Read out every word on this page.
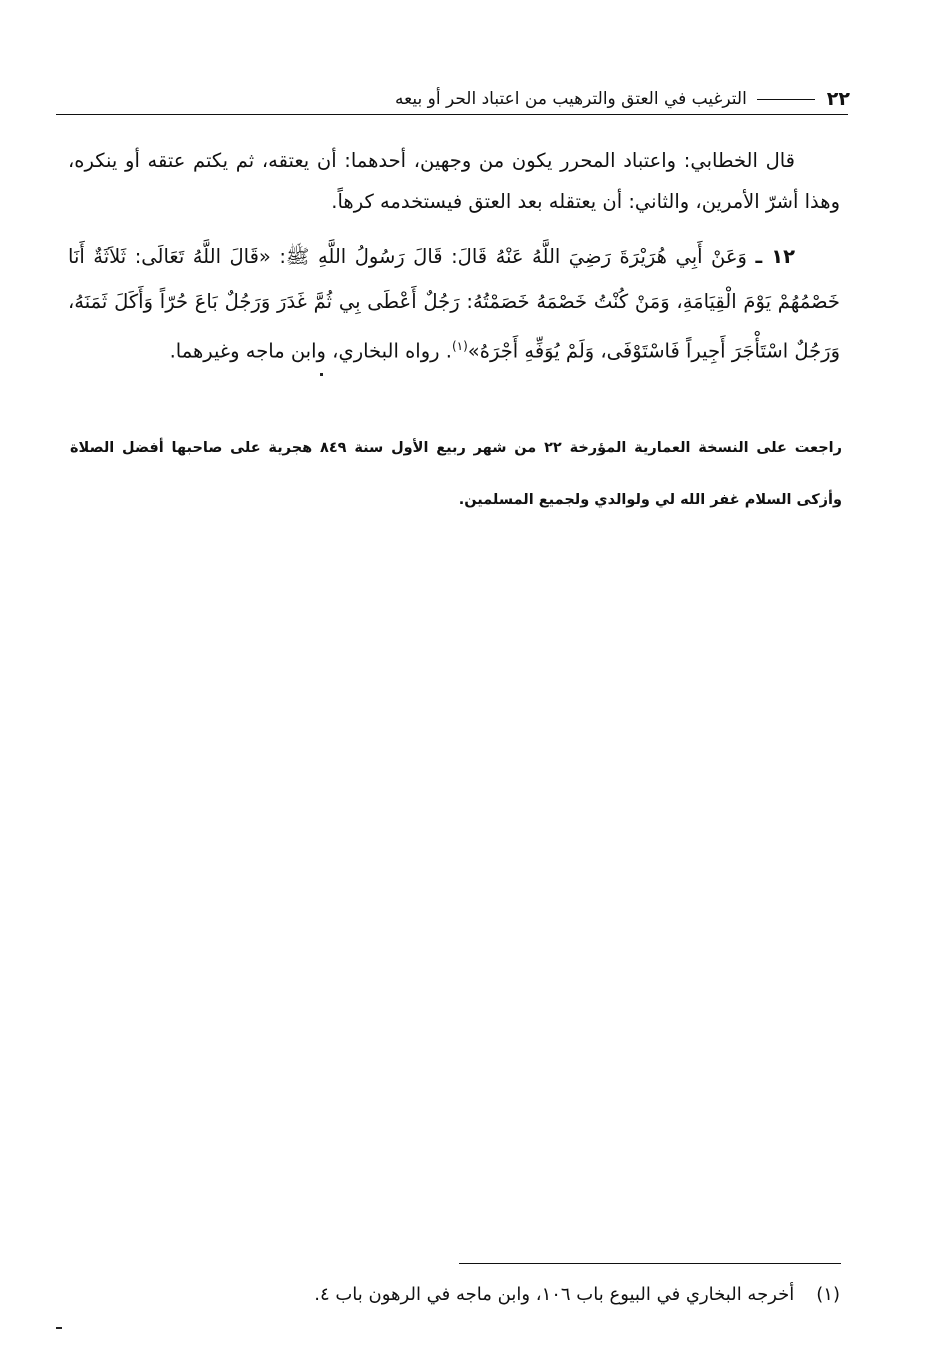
٢٢
الترغيب في العتق والترهيب من اعتباد الحر أو بيعه

قال الخطابي: واعتباد المحرر يكون من وجهين، أحدهما: أن يعتقه، ثم يكتم عتقه أو ينكره، وهذا أشرّ الأمرين، والثاني: أن يعتقله بعد العتق فيستخدمه كرهاً.

١٢ ـ وَعَنْ أَبِي هُرَيْرَةَ رَضِيَ اللَّهُ عَنْهُ قَالَ: قَالَ رَسُولُ اللَّهِ ﷺ: «قَالَ اللَّهُ تَعَالَى: ثَلاَثَةٌ أَنَا خَصْمُهُمْ يَوْمَ الْقِيَامَةِ، وَمَنْ كُنْتُ خَصْمَهُ خَصَمْتُهُ: رَجُلٌ أَعْطَى بِي ثُمَّ غَدَرَ وَرَجُلٌ بَاعَ حُرّاً وَأَكَلَ ثَمَنَهُ، وَرَجُلٌ اسْتَأْجَرَ أَجِيراً فَاسْتَوْفَى، وَلَمْ يُوَفِّهِ أَجْرَهُ»$^{(١)}$. رواه البخاري، وابن ماجه وغيرهما.

راجعت على النسخة العمارية المؤرخة ٢٢ من شهر ربيع الأول سنة ٨٤٩ هجرية على صاحبها أفضل الصلاة وأزكى السلام غفر الله لي ولوالدي ولجميع المسلمين.

(١)أخرجه البخاري في البيوع باب ١٠٦، وابن ماجه في الرهون باب ٤.
